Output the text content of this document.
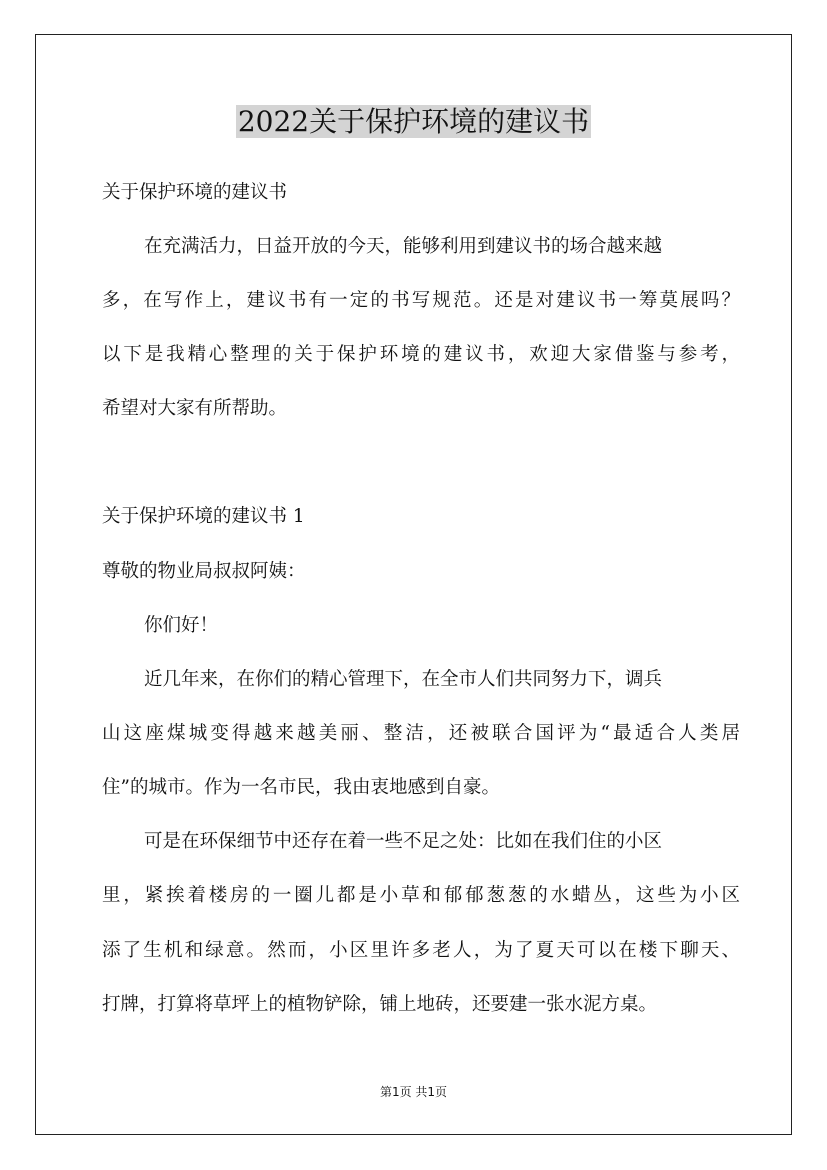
2022关于保护环境的建议书
关于保护环境的建议书
在充满活力，日益开放的今天，能够利用到建议书的场合越来越
多，在写作上，建议书有一定的书写规范。还是对建议书一筹莫展吗？
以下是我精心整理的关于保护环境的建议书，欢迎大家借鉴与参考，
希望对大家有所帮助。
关于保护环境的建议书 1
尊敬的物业局叔叔阿姨：
你们好！
近几年来，在你们的精心管理下，在全市人们共同努力下，调兵
山这座煤城变得越来越美丽、整洁，还被联合国评为“最适合人类居
住”的城市。作为一名市民，我由衷地感到自豪。
可是在环保细节中还存在着一些不足之处：比如在我们住的小区
里，紧挨着楼房的一圈儿都是小草和郁郁葱葱的水蜡丛，这些为小区
添了生机和绿意。然而，小区里许多老人，为了夏天可以在楼下聊天、
打牌，打算将草坪上的植物铲除，铺上地砖，还要建一张水泥方桌。
第1页 共1页
